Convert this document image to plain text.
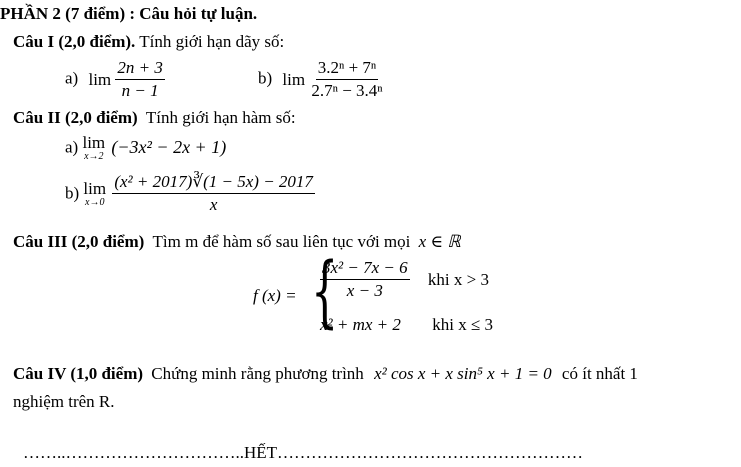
PHẦN 2 (7 điểm) : Câu hỏi tự luận.
Câu I (2,0 điểm). Tính giới hạn dãy số:
a) $\lim \frac{2n + 3}{n - 1}$	b) $\lim \frac{\text{3.2ⁿ + 7ⁿ}}{\text{2.7ⁿ − 3.4ⁿ}}$
Câu II (2,0 điểm) Tính giới hạn hàm số:
a) lim
x→2 (−3x² − 2x + 1)
b) lim
x→0
$\frac{\text{(x² + 2017)∛(1 − 5x) − 2017}}{x}$
Câu III (2,0 điểm) Tìm m để hàm số sau liên tục với mọi x ∈ ℝ
f (x) = {
$\frac{\text{3x² − 7x − 6}}{x - 3}$ khi x > 3
x² + mx + 2 khi x ≤ 3
Câu IV (1,0 điểm) Chứng minh rằng phương trình x² cos x + x sin⁵ x + 1 = 0 có ít nhất 1
nghiệm trên R.
……..…………………………..HẾT………………………………………………
